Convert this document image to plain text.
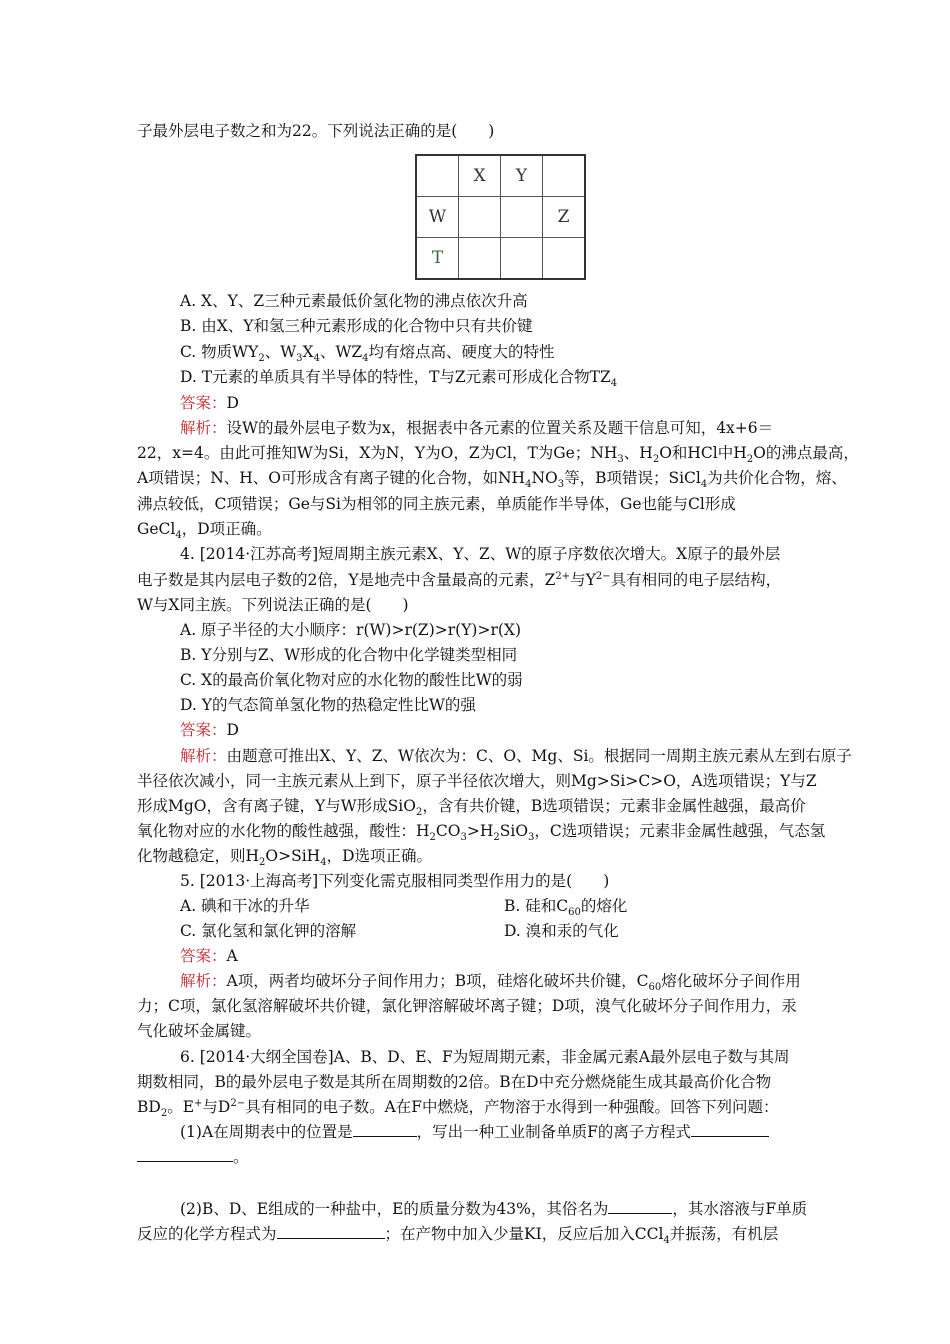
子最外层电子数之和为22。下列说法正确的是(　　)
	X	Y	
W			Z
T			
A. X、Y、Z三种元素最低价氢化物的沸点依次升高
B. 由X、Y和氢三种元素形成的化合物中只有共价键
C. 物质$WY_2$、$W_3X_4$、$WZ_4$均有熔点高、硬度大的特性
D. T元素的单质具有半导体的特性，T与Z元素可形成化合物$TZ_4$
答案：D
解析：设W的最外层电子数为x，根据表中各元素的位置关系及题干信息可知，4x+6＝
22，x=4。由此可推知W为Si，X为N，Y为O，Z为Cl，T为Ge；$NH_3$、$H_2O$和HCl中$H_2O$的沸点最高，
A项错误；N、H、O可形成含有离子键的化合物，如$NH_4NO_3$等，B项错误；SiCl$_4$为共价化合物，熔、
沸点较低，C项错误；Ge与Si为相邻的同主族元素，单质能作半导体，Ge也能与Cl形成
GeCl$_4$，D项正确。
4. [2014·江苏高考]短周期主族元素X、Y、Z、W的原子序数依次增大。X原子的最外层
电子数是其内层电子数的2倍，Y是地壳中含量最高的元素，$Z^{2+}$与$Y^{2-}$具有相同的电子层结构，
W与X同主族。下列说法正确的是(　　)
A. 原子半径的大小顺序：r(W)>r(Z)>r(Y)>r(X)
B. Y分别与Z、W形成的化合物中化学键类型相同
C. X的最高价氧化物对应的水化物的酸性比W的弱
D. Y的气态简单氢化物的热稳定性比W的强
答案：D
解析：由题意可推出X、Y、Z、W依次为：C、O、Mg、Si。根据同一周期主族元素从左到右原子
半径依次减小，同一主族元素从上到下，原子半径依次增大，则Mg>Si>C>O，A选项错误；Y与Z
形成MgO，含有离子键，Y与W形成SiO$_2$，含有共价键，B选项错误；元素非金属性越强，最高价
氧化物对应的水化物的酸性越强，酸性：$H_2CO_3>H_2SiO_3$，C选项错误；元素非金属性越强，气态氢
化物越稳定，则$H_2O>SiH_4$，D选项正确。
5. [2013·上海高考]下列变化需克服相同类型作用力的是(　　)
A. 碘和干冰的升华	B. 硅和$C_{60}$的熔化
C. 氯化氢和氯化钾的溶解	D. 溴和汞的气化
答案：A
解析：A项，两者均破坏分子间作用力；B项，硅熔化破坏共价键，$C_{60}$熔化破坏分子间作用
力；C项，氯化氢溶解破坏共价键，氯化钾溶解破坏离子键；D项，溴气化破坏分子间作用力，汞
气化破坏金属键。
6. [2014·大纲全国卷]A、B、D、E、F为短周期元素，非金属元素A最外层电子数与其周
期数相同，B的最外层电子数是其所在周期数的2倍。B在D中充分燃烧能生成其最高价化合物
$BD_2$。E+与$D^{2-}$具有相同的电子数。A在F中燃烧，产物溶于水得到一种强酸。回答下列问题：
(1)A在周期表中的位置是	，写出一种工业制备单质F的离子方程式
。
(2)B、D、E组成的一种盐中，E的质量分数为43%，其俗名为	，其水溶液与F单质
反应的化学方程式为	；在产物中加入少量KI，反应后加入CCl$_4$并振荡，有机层
